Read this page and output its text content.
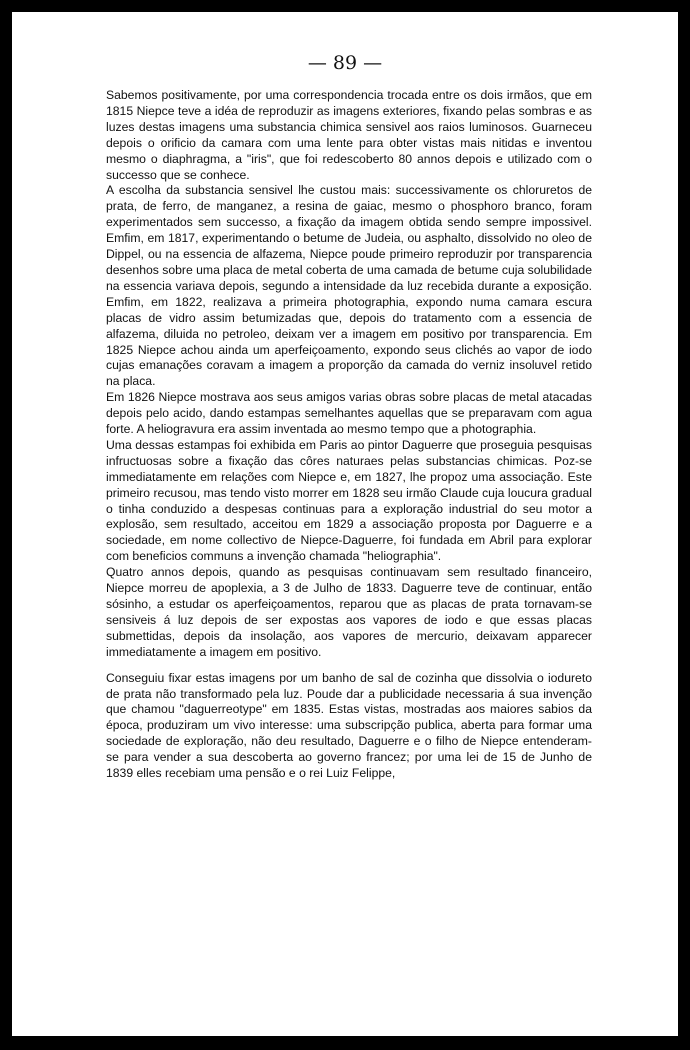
— 89 —

Sabemos positivamente, por uma correspondencia trocada entre os dois irmãos, que em 1815 Niepce teve a idéa de reproduzir as imagens exteriores, fixando pelas sombras e as luzes destas imagens uma substancia chimica sensivel aos raios luminosos. Guarneceu depois o orificio da camara com uma lente para obter vistas mais nitidas e inventou mesmo o diaphragma, a "iris", que foi redescoberto 80 annos depois e utilizado com o successo que se conhece.

A escolha da substancia sensivel lhe custou mais: successivamente os chloruretos de prata, de ferro, de manganez, a resina de gaiac, mesmo o phosphoro branco, foram experimentados sem successo, a fixação da imagem obtida sendo sempre impossivel. Emfim, em 1817, experimentando o betume de Judeia, ou asphalto, dissolvido no oleo de Dippel, ou na essencia de alfazema, Niepce poude primeiro reproduzir por transparencia desenhos sobre uma placa de metal coberta de uma camada de betume cuja solubilidade na essencia variava depois, segundo a intensidade da luz recebida durante a exposição. Emfim, em 1822, realizava a primeira photographia, expondo numa camara escura placas de vidro assim betumizadas que, depois do tratamento com a essencia de alfazema, diluida no petroleo, deixam ver a imagem em positivo por transparencia. Em 1825 Niepce achou ainda um aperfeiçoamento, expondo seus clichés ao vapor de iodo cujas emanações coravam a imagem a proporção da camada do verniz insoluvel retido na placa.

Em 1826 Niepce mostrava aos seus amigos varias obras sobre placas de metal atacadas depois pelo acido, dando estampas semelhantes aquellas que se preparavam com agua forte. A heliogravura era assim inventada ao mesmo tempo que a photographia.

Uma dessas estampas foi exhibida em Paris ao pintor Daguerre que proseguia pesquisas infructuosas sobre a fixação das côres naturaes pelas substancias chimicas. Poz-se immediatamente em relações com Niepce e, em 1827, lhe propoz uma associação. Este primeiro recusou, mas tendo visto morrer em 1828 seu irmão Claude cuja loucura gradual o tinha conduzido a despesas continuas para a exploração industrial do seu motor a explosão, sem resultado, acceitou em 1829 a associação proposta por Daguerre e a sociedade, em nome collectivo de Niepce-Daguerre, foi fundada em Abril para explorar com beneficios communs a invenção chamada "heliographia".

Quatro annos depois, quando as pesquisas continuavam sem resultado financeiro, Niepce morreu de apoplexia, a 3 de Julho de 1833. Daguerre teve de continuar, então sósinho, a estudar os aperfeiçoamentos, reparou que as placas de prata tornavam-se sensiveis á luz depois de ser expostas aos vapores de iodo e que essas placas submettidas, depois da insolação, aos vapores de mercurio, deixavam apparecer immediatamente a imagem em positivo.

Conseguiu fixar estas imagens por um banho de sal de cozinha que dissolvia o iodureto de prata não transformado pela luz. Poude dar a publicidade necessaria á sua invenção que chamou "daguerreotype" em 1835. Estas vistas, mostradas aos maiores sabios da época, produziram um vivo interesse: uma subscripção publica, aberta para formar uma sociedade de exploração, não deu resultado, Daguerre e o filho de Niepce entenderam-se para vender a sua descoberta ao governo francez; por uma lei de 15 de Junho de 1839 elles recebiam uma pensão e o rei Luiz Felippe,
